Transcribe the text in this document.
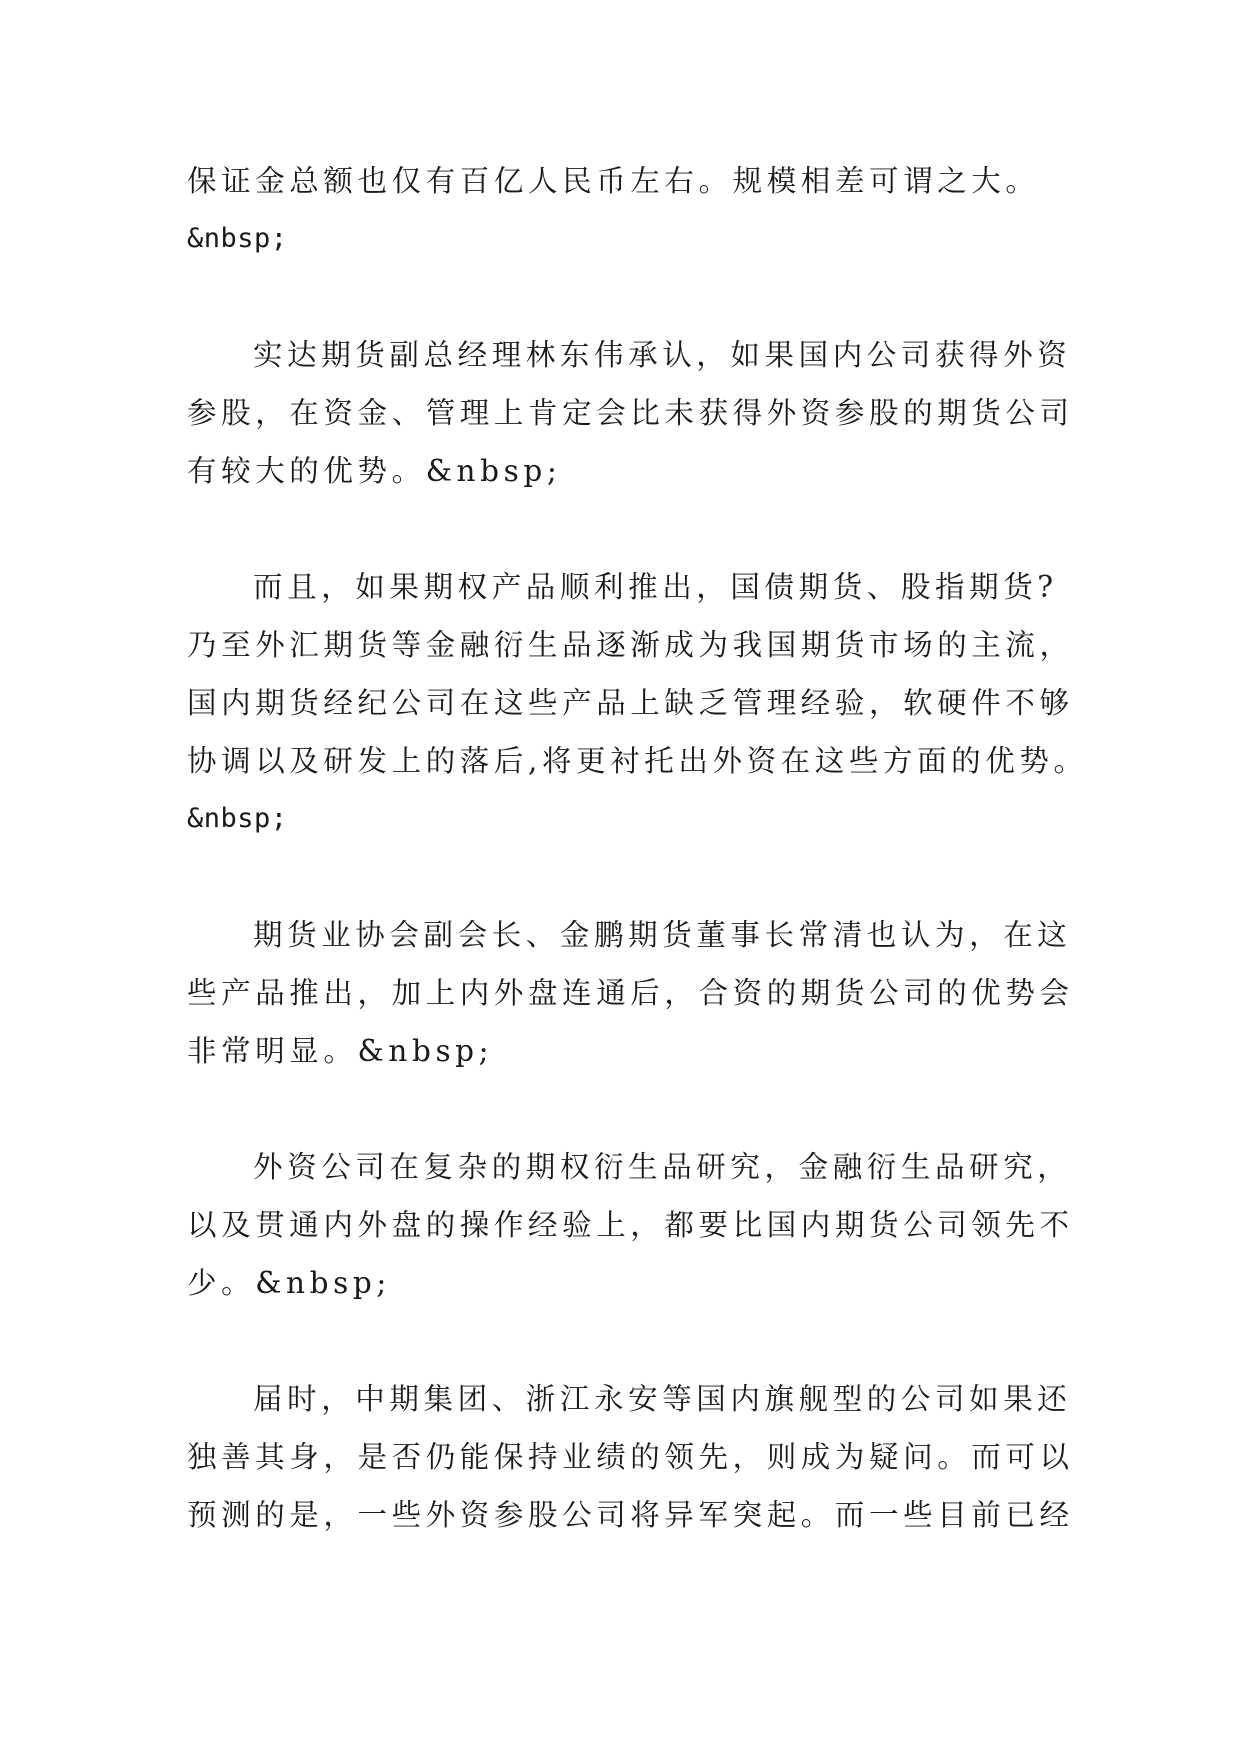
保证金总额也仅有百亿人民币左右。规模相差可谓之大。
&nbsp;
实达期货副总经理林东伟承认，如果国内公司获得外资
参股，在资金、管理上肯定会比未获得外资参股的期货公司
有较大的优势。&nbsp;
而且，如果期权产品顺利推出，国债期货、股指期货?
乃至外汇期货等金融衍生品逐渐成为我国期货市场的主流，
国内期货经纪公司在这些产品上缺乏管理经验，软硬件不够
协调以及研发上的落后,将更衬托出外资在这些方面的优势。
&nbsp;
期货业协会副会长、金鹏期货董事长常清也认为，在这
些产品推出，加上内外盘连通后，合资的期货公司的优势会
非常明显。&nbsp;
外资公司在复杂的期权衍生品研究，金融衍生品研究，
以及贯通内外盘的操作经验上，都要比国内期货公司领先不
少。&nbsp;
届时，中期集团、浙江永安等国内旗舰型的公司如果还
独善其身，是否仍能保持业绩的领先，则成为疑问。而可以
预测的是，一些外资参股公司将异军突起。而一些目前已经
